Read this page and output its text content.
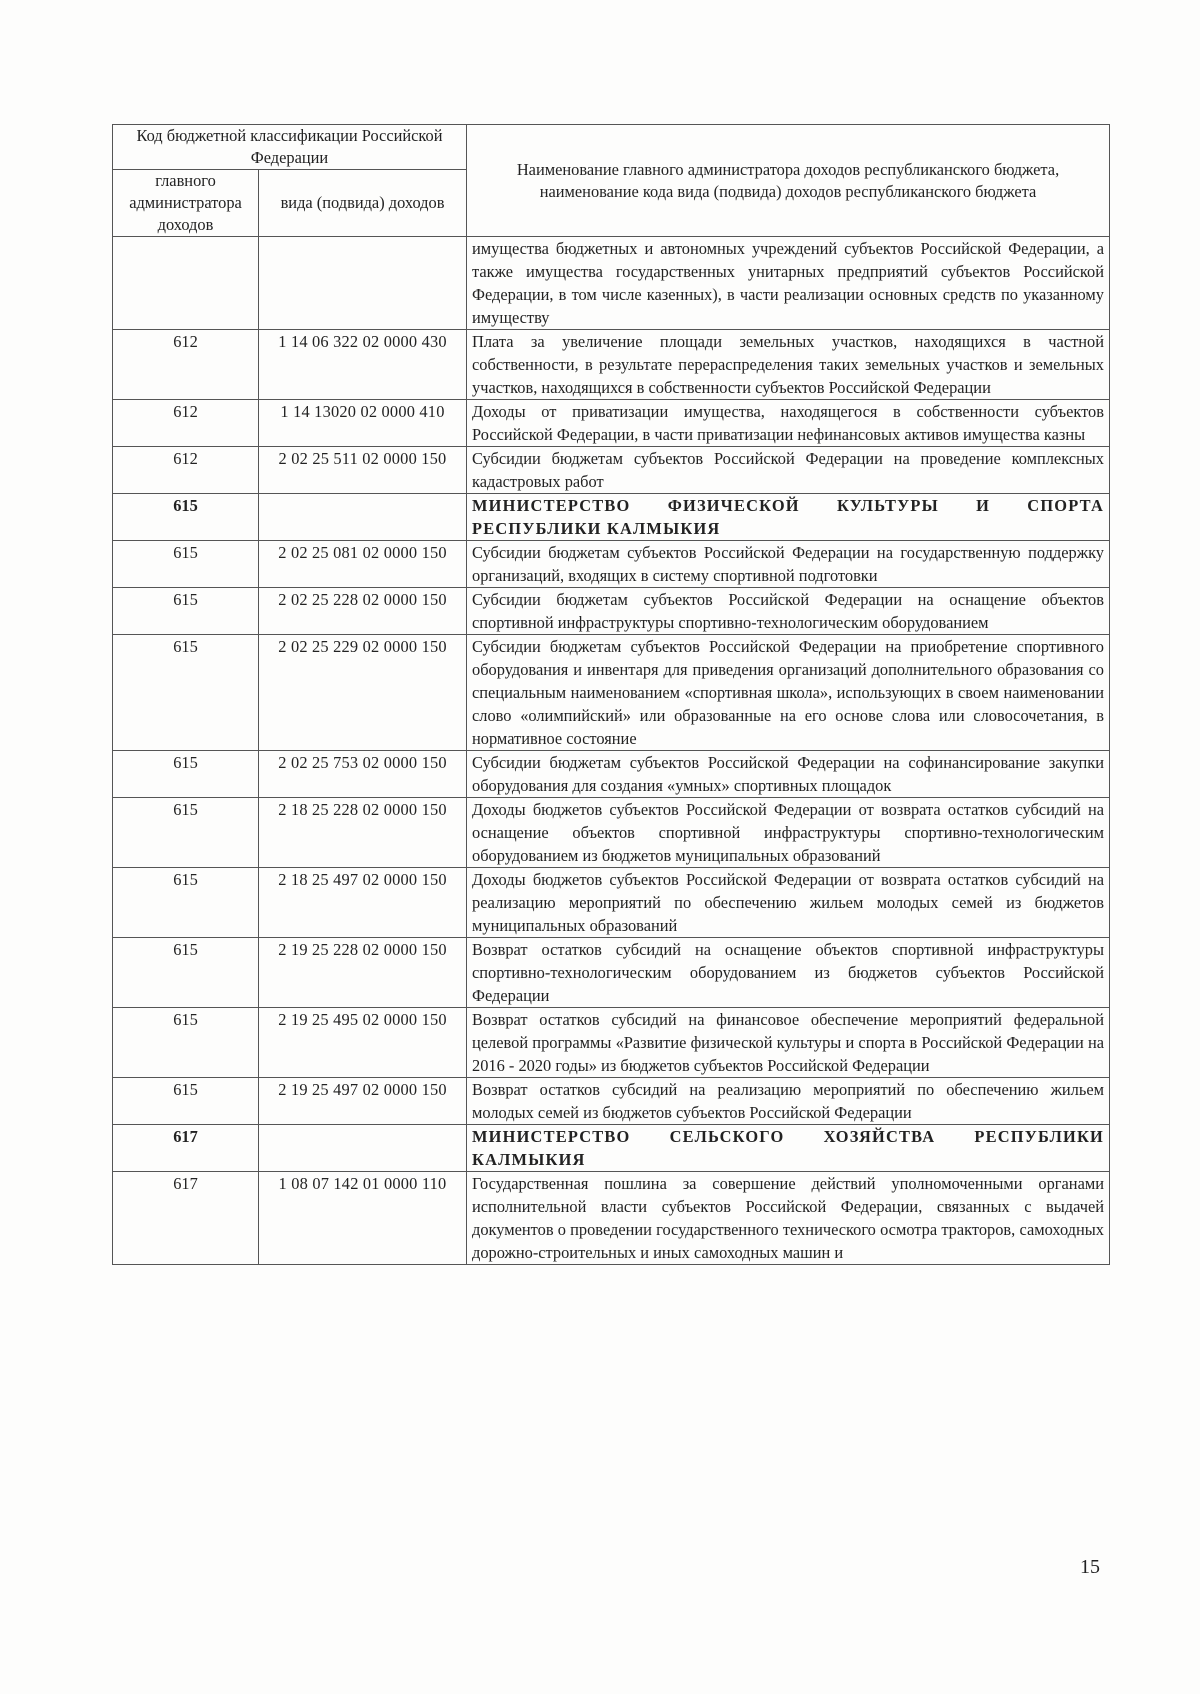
Код бюджетной классификации Российской Федерации		Наименование главного администратора доходов республиканского бюджета, наименование кода вида (подвида) доходов республиканского бюджета
главного администратора доходов	вида (подвида) доходов	
		имущества бюджетных и автономных учреждений субъектов Российской Федерации, а также имущества государственных унитарных предприятий субъектов Российской Федерации, в том числе казенных), в части реализации основных средств по указанному имуществу
612	1 14 06 322 02 0000 430	Плата за увеличение площади земельных участков, находящихся в частной собственности, в результате перераспределения таких земельных участков и земельных участков, находящихся в собственности субъектов Российской Федерации
612	1 14 13020 02 0000 410	Доходы от приватизации имущества, находящегося в собственности субъектов Российской Федерации, в части приватизации нефинансовых активов имущества казны
612	2 02 25 511 02 0000 150	Субсидии бюджетам субъектов Российской Федерации на проведение комплексных кадастровых работ
615		МИНИСТЕРСТВО ФИЗИЧЕСКОЙ КУЛЬТУРЫ И СПОРТА РЕСПУБЛИКИ КАЛМЫКИЯ
615	2 02 25 081 02 0000 150	Субсидии бюджетам субъектов Российской Федерации на государственную поддержку организаций, входящих в систему спортивной подготовки
615	2 02 25 228 02 0000 150	Субсидии бюджетам субъектов Российской Федерации на оснащение объектов спортивной инфраструктуры спортивно-технологическим оборудованием
615	2 02 25 229 02 0000 150	Субсидии бюджетам субъектов Российской Федерации на приобретение спортивного оборудования и инвентаря для приведения организаций дополнительного образования со специальным наименованием «спортивная школа», использующих в своем наименовании слово «олимпийский» или образованные на его основе слова или словосочетания, в нормативное состояние
615	2 02 25 753 02 0000 150	Субсидии бюджетам субъектов Российской Федерации на софинансирование закупки оборудования для создания «умных» спортивных площадок
615	2 18 25 228 02 0000 150	Доходы бюджетов субъектов Российской Федерации от возврата остатков субсидий на оснащение объектов спортивной инфраструктуры спортивно-технологическим оборудованием из бюджетов муниципальных образований
615	2 18 25 497 02 0000 150	Доходы бюджетов субъектов Российской Федерации от возврата остатков субсидий на реализацию мероприятий по обеспечению жильем молодых семей из бюджетов муниципальных образований
615	2 19 25 228 02 0000 150	Возврат остатков субсидий на оснащение объектов спортивной инфраструктуры спортивно-технологическим оборудованием из бюджетов субъектов Российской Федерации
615	2 19 25 495 02 0000 150	Возврат остатков субсидий на финансовое обеспечение мероприятий федеральной целевой программы «Развитие физической культуры и спорта в Российской Федерации на 2016 - 2020 годы» из бюджетов субъектов Российской Федерации
615	2 19 25 497 02 0000 150	Возврат остатков субсидий на реализацию мероприятий по обеспечению жильем молодых семей из бюджетов субъектов Российской Федерации
617		МИНИСТЕРСТВО СЕЛЬСКОГО ХОЗЯЙСТВА РЕСПУБЛИКИ КАЛМЫКИЯ
617	1 08 07 142 01 0000 110	Государственная пошлина за совершение действий уполномоченными органами исполнительной власти субъектов Российской Федерации, связанных с выдачей документов о проведении государственного технического осмотра тракторов, самоходных дорожно-строительных и иных самоходных машин и
15
